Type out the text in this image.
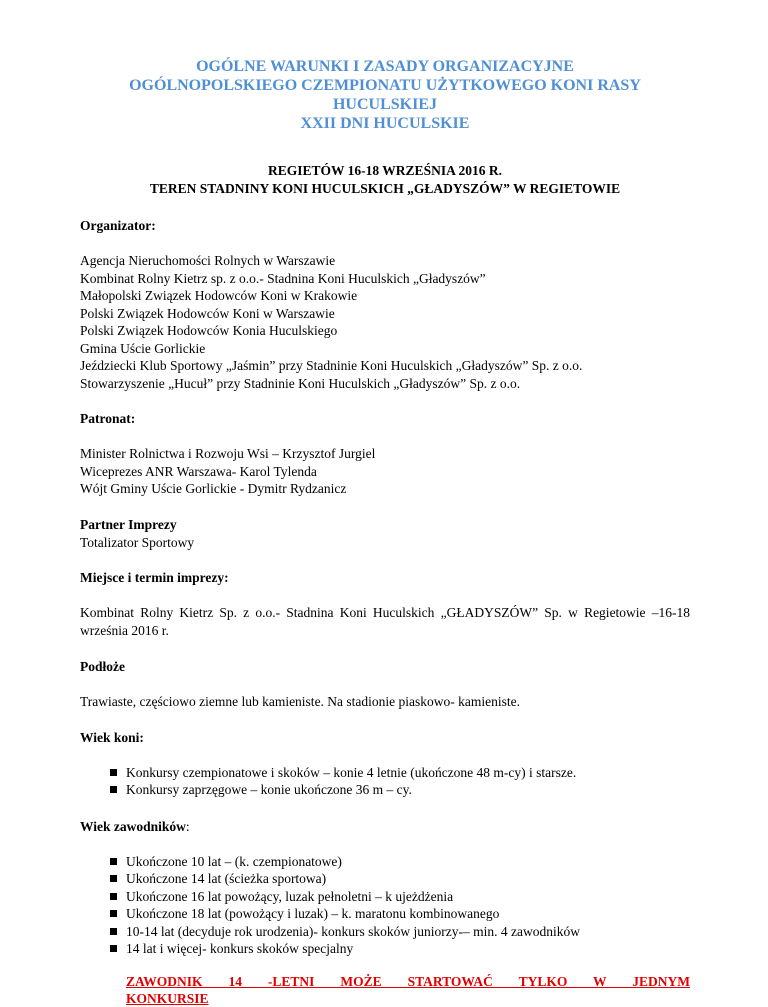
OGÓLNE WARUNKI I ZASADY ORGANIZACYJNE
OGÓLNOPOLSKIEGO CZEMPIONATU UŻYTKOWEGO KONI RASY
HUCULSKIEJ
XXII DNI HUCULSKIE
REGIETÓW 16-18 WRZEŚNIA 2016 R.
TEREN STADNINY KONI HUCULSKICH „GŁADYSZÓW” W REGIETOWIE
Organizator:
Agencja Nieruchomości Rolnych w Warszawie
Kombinat Rolny Kietrz sp. z o.o.- Stadnina Koni Huculskich „Gładyszów”
Małopolski Związek Hodowców Koni w Krakowie
Polski Związek Hodowców Koni w Warszawie
Polski Związek Hodowców Konia Huculskiego
Gmina Uście Gorlickie
Jeździecki Klub Sportowy „Jaśmin” przy Stadninie Koni Huculskich „Gładyszów” Sp. z o.o.
Stowarzyszenie „Hucuł” przy Stadninie Koni Huculskich „Gładyszów” Sp. z o.o.
Patronat:
Minister Rolnictwa i Rozwoju Wsi – Krzysztof Jurgiel
Wiceprezes ANR Warszawa- Karol Tylenda
Wójt Gminy Uście Gorlickie - Dymitr Rydzanicz
Partner Imprezy

Totalizator Sportowy

Miejsce i termin imprezy:

Kombinat Rolny Kietrz Sp. z o.o.- Stadnina Koni Huculskich „GŁADYSZÓW” Sp. w Regietowie –16-18 września 2016 r.

Podłoże

Trawiaste, częściowo ziemne lub kamieniste. Na stadionie piaskowo- kamieniste.

Wiek koni:
Konkursy czempionatowe i skoków – konie 4 letnie (ukończone 48 m-cy) i starsze.
Konkursy zaprzęgowe – konie ukończone 36 m – cy.
Wiek zawodników:
Ukończone 10 lat – (k. czempionatowe)
Ukończone 14 lat (ścieżka sportowa)
Ukończone 16 lat powożący, luzak pełnoletni – k ujeżdżenia
Ukończone 18 lat (powożący i luzak) – k. maratonu kombinowanego
10-14 lat (decyduje rok urodzenia)- konkurs skoków juniorzy-– min. 4 zawodników
14 lat i więcej- konkurs skoków specjalny

ZAWODNIK 14 -LETNI MOŻE STARTOWAĆ TYLKO W JEDNYM KONKURSIE
